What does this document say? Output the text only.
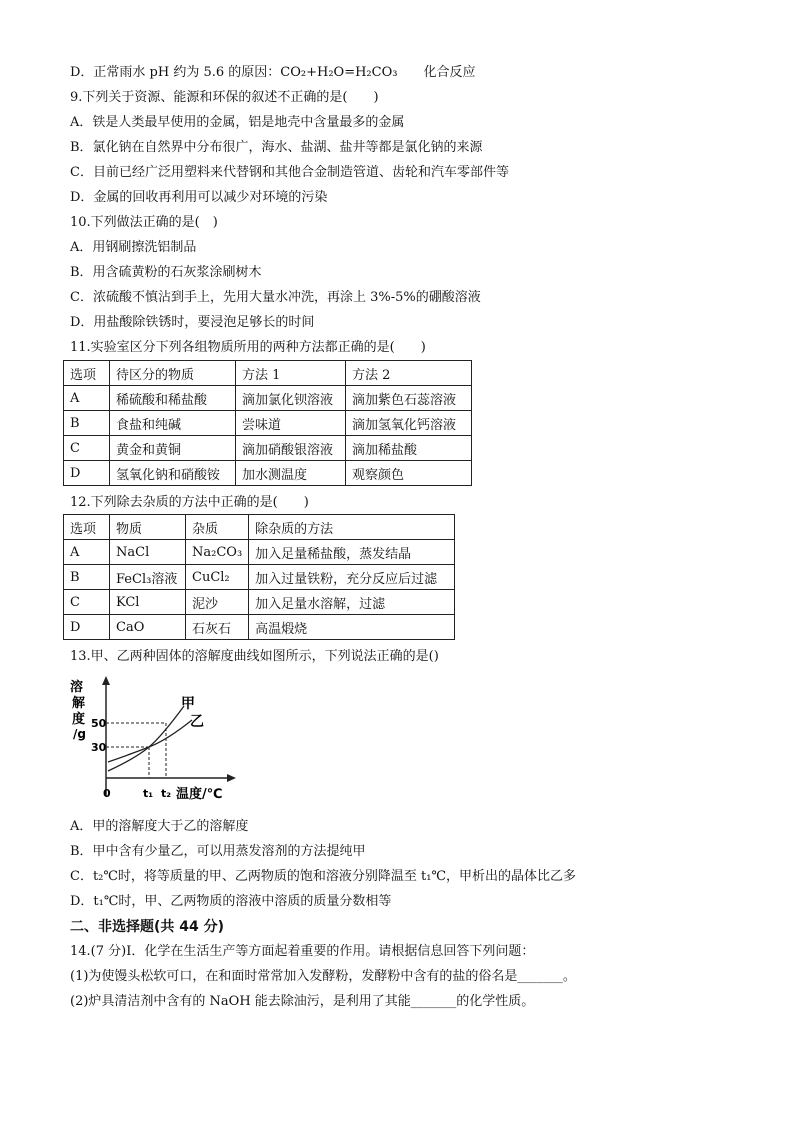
D．正常雨水 pH 约为 5.6 的原因：CO₂+H₂O=H₂CO₃　　化合反应
9.下列关于资源、能源和环保的叙述不正确的是(　　)
A．铁是人类最早使用的金属，铝是地壳中含量最多的金属
B．氯化钠在自然界中分布很广，海水、盐湖、盐井等都是氯化钠的来源
C．目前已经广泛用塑料来代替钢和其他合金制造管道、齿轮和汽车零部件等
D．金属的回收再利用可以减少对环境的污染
10.下列做法正确的是(　)
A．用钢刷擦洗铝制品
B．用含硫黄粉的石灰浆涂刷树木
C．浓硫酸不慎沾到手上，先用大量水冲洗，再涂上 3%-5%的硼酸溶液
D．用盐酸除铁锈时，要浸泡足够长的时间
11.实验室区分下列各组物质所用的两种方法都正确的是(　　)
选项	待区分的物质	方法 1	方法 2
A	稀硫酸和稀盐酸	滴加氯化钡溶液	滴加紫色石蕊溶液
B	食盐和纯碱	尝味道	滴加氢氧化钙溶液
C	黄金和黄铜	滴加硝酸银溶液	滴加稀盐酸
D	氢氧化钠和硝酸铵	加水测温度	观察颜色
12.下列除去杂质的方法中正确的是(　　)
选项	物质	杂质	除杂质的方法
A	NaCl	Na₂CO₃	加入足量稀盐酸，蒸发结晶
B	FeCl₃溶液	CuCl₂	加入过量铁粉，充分反应后过滤
C	KCl	泥沙	加入足量水溶解，过滤
D	CaO	石灰石	高温煅烧
13.甲、乙两种固体的溶解度曲线如图所示，下列说法正确的是()
溶
解
度
/g
50
30
0	t₁ t₂ 温度/℃
甲
乙
A．甲的溶解度大于乙的溶解度
B．甲中含有少量乙，可以用蒸发溶剂的方法提纯甲
C．t₂℃时，将等质量的甲、乙两物质的饱和溶液分别降温至 t₁℃，甲析出的晶体比乙多
D．t₁℃时，甲、乙两物质的溶液中溶质的质量分数相等
二、非选择题(共 44 分)
14.(7 分)I．化学在生活生产等方面起着重要的作用。请根据信息回答下列问题：
(1)为使馒头松软可口，在和面时常常加入发酵粉，发酵粉中含有的盐的俗名是_______。
(2)炉具清洁剂中含有的 NaOH 能去除油污，是利用了其能_______的化学性质。
